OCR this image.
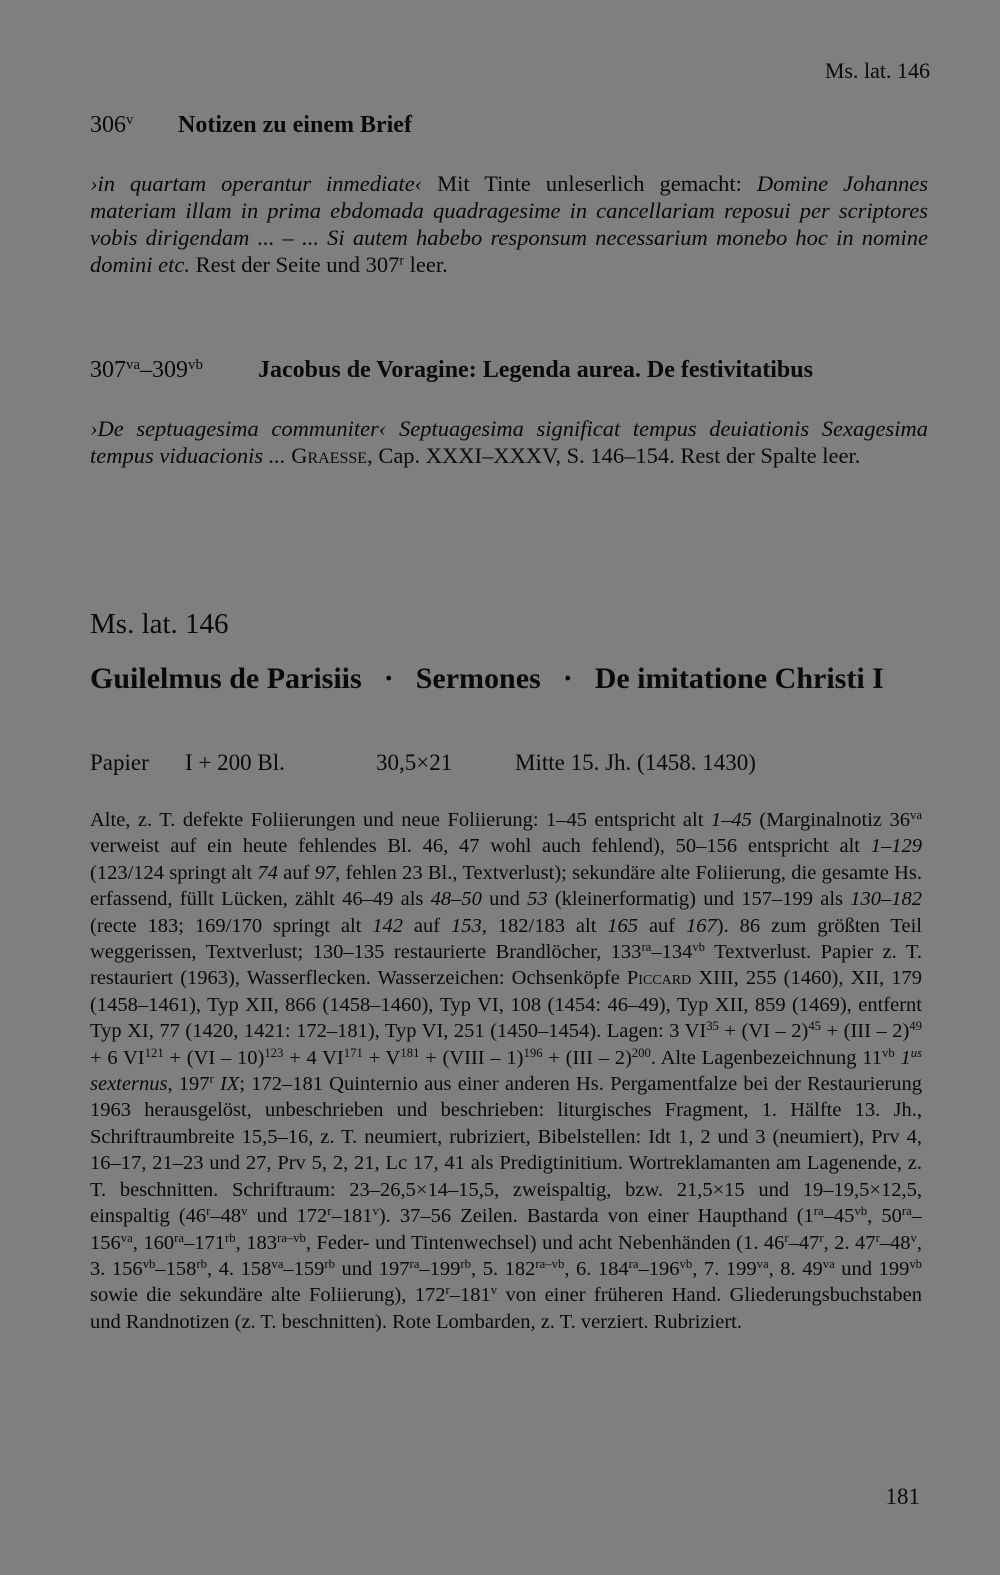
Ms. lat. 146
306$^v$ Notizen zu einem Brief
›in quartam operantur inmediate‹ Mit Tinte unleserlich gemacht: Domine Johannes materiam illam in prima ebdomada quadragesime in cancellariam reposui per scriptores vobis dirigendam ... – ... Si autem habebo responsum necessarium monebo hoc in nomine domini etc. Rest der Seite und 307$^r$ leer.
$307^{va}-309^{vb}$ Jacobus de Voragine: Legenda aurea. De festivitatibus
›De septuagesima communiter‹ Septuagesima significat tempus deuiationis Sexagesima tempus viduacionis ... Graesse, Cap. XXXI–XXXV, S. 146–154. Rest der Spalte leer.
Ms. lat. 146
Guilelmus de Parisiis · Sermones · De imitatione Christi I
Papier I + 200 Bl.	30,5×21	Mitte 15. Jh. (1458. 1430)
Alte, z. T. defekte Foliierungen und neue Foliierung: 1–45 entspricht alt 1–45 (Marginalnotiz $36^{va}$ verweist auf ein heute fehlendes Bl. 46, 47 wohl auch fehlend), 50–156 entspricht alt 1–129 (123/124 springt alt 74 auf 97, fehlen 23 Bl., Textverlust); sekundäre alte Foliierung, die gesamte Hs. erfassend, füllt Lücken, zählt 46–49 als 48–50 und 53 (kleinerformatig) und 157–199 als 130–182 (recte 183; 169/170 springt alt 142 auf 153, 182/183 alt 165 auf 167). 86 zum größten Teil weggerissen, Textverlust; 130–135 restaurierte Brandlöcher, $133^{ra}-134^{vb}$ Textverlust. Papier z. T. restauriert (1963), Wasserflecken. Wasserzeichen: Ochsenköpfe Piccard XIII, 255 (1460), XII, 179 (1458–1461), Typ XII, 866 (1458–1460), Typ VI, 108 (1454: 46–49), Typ XII, 859 (1469), entfernt Typ XI, 77 (1420, 1421: 172–181), Typ VI, 251 (1450–1454). Lagen: 3 $VI^{35} + (VI - 2)^{45} + (III - 2)^{49} + 6$ $VI^{121} + (VI - 10)^{123} + 4$ $VI^{171} + V^{181}$ + (VIII – 1)$^{196}$ + (III – 2)$^{200}$. Alte Lagenbezeichnung $11^{vb}$ $1^{us}$ sexternus, 197$^r$ IX; 172–181 Quinternio aus einer anderen Hs. Pergamentfalze bei der Restaurierung 1963 herausgelöst, unbeschrieben und beschrieben: liturgisches Fragment, 1. Hälfte 13. Jh., Schriftraumbreite 15,5–16, z. T. neumiert, rubriziert, Bibelstellen: Idt 1, 2 und 3 (neumiert), Prv 4, 16–17, 21–23 und 27, Prv 5, 2, 21, Lc 17, 41 als Predigtinitium. Wortreklamanten am Lagenende, z. T. beschnitten. Schriftraum: 23–26,5×14–15,5, zweispaltig, bzw. 21,5×15 und 19–19,5×12,5, einspaltig (46$^r$–48$^v$ und 172$^r$–181$^v$). 37–56 Zeilen. Bastarda von einer Haupthand ($1^{ra}-45^{vb}$, $50^{ra}-156^{va}$, $160^{ra}-171^{rb}$, $183^{ra-vb}$, Feder- und Tintenwechsel) und acht Nebenhänden (1. 46$^r$–47$^r$, 2. 47$^r$–48$^v$, 3. $156^{vb}-158^{rb}$, 4. $158^{va}-159^{rb}$ und $197^{ra}-199^{rb}$, 5. $182^{ra-vb}$, 6. $184^{ra}-196^{vb}$, 7. $199^{va}$, 8. $49^{va}$ und $199^{vb}$ sowie die sekundäre alte Foliierung), 172$^r$–181$^v$ von einer früheren Hand. Gliederungsbuchstaben und Randnotizen (z. T. beschnitten). Rote Lombarden, z. T. verziert. Rubriziert.
181
